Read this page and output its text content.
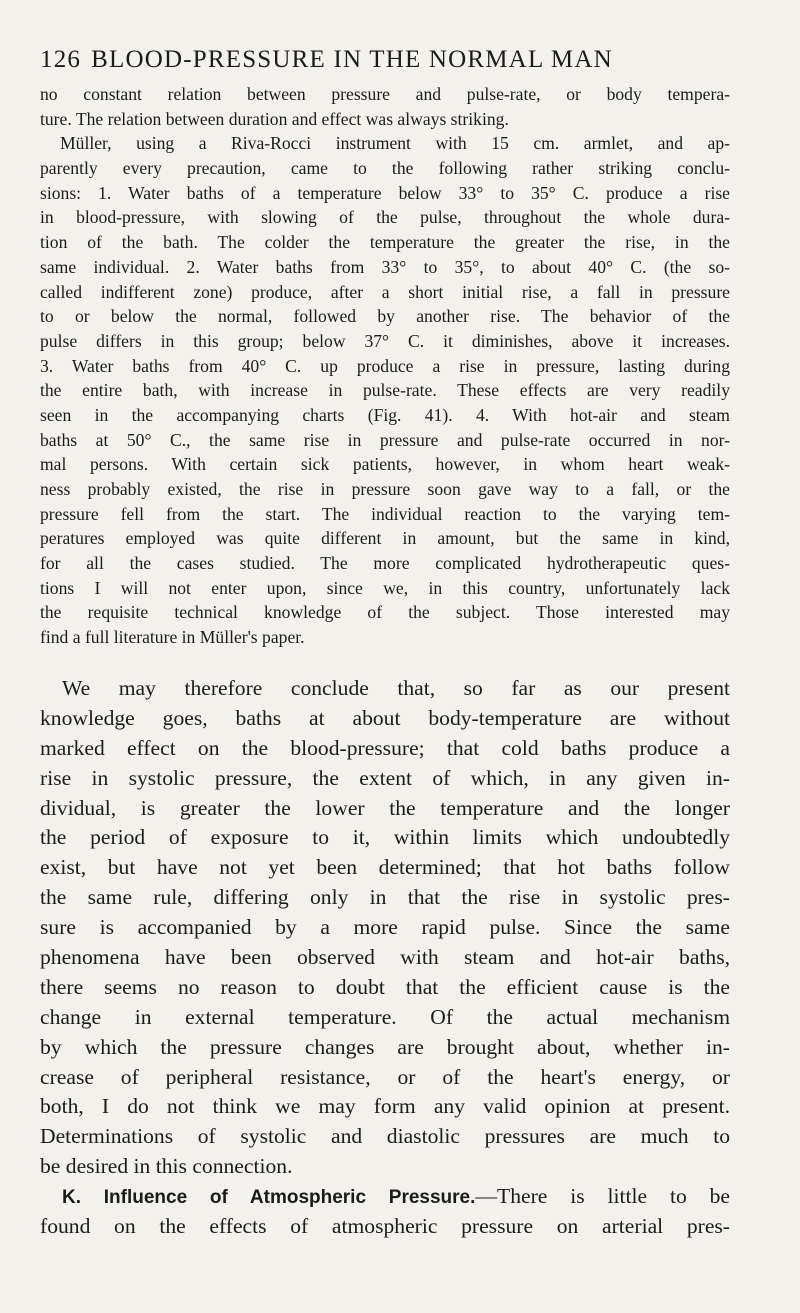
126 BLOOD-PRESSURE IN THE NORMAL MAN
no constant relation between pressure and pulse-rate, or body tempera-
ture. The relation between duration and effect was always striking.
Müller, using a Riva-Rocci instrument with 15 cm. armlet, and ap-
parently every precaution, came to the following rather striking conclu-
sions: 1. Water baths of a temperature below 33° to 35° C. produce a rise
in blood-pressure, with slowing of the pulse, throughout the whole dura-
tion of the bath. The colder the temperature the greater the rise, in the
same individual. 2. Water baths from 33° to 35°, to about 40° C. (the so-
called indifferent zone) produce, after a short initial rise, a fall in pressure
to or below the normal, followed by another rise. The behavior of the
pulse differs in this group; below 37° C. it diminishes, above it increases.
3. Water baths from 40° C. up produce a rise in pressure, lasting during
the entire bath, with increase in pulse-rate. These effects are very readily
seen in the accompanying charts (Fig. 41). 4. With hot-air and steam
baths at 50° C., the same rise in pressure and pulse-rate occurred in nor-
mal persons. With certain sick patients, however, in whom heart weak-
ness probably existed, the rise in pressure soon gave way to a fall, or the
pressure fell from the start. The individual reaction to the varying tem-
peratures employed was quite different in amount, but the same in kind,
for all the cases studied. The more complicated hydrotherapeutic ques-
tions I will not enter upon, since we, in this country, unfortunately lack
the requisite technical knowledge of the subject. Those interested may
find a full literature in Müller's paper.
We may therefore conclude that, so far as our present
knowledge goes, baths at about body-temperature are without
marked effect on the blood-pressure; that cold baths produce a
rise in systolic pressure, the extent of which, in any given in-
dividual, is greater the lower the temperature and the longer
the period of exposure to it, within limits which undoubtedly
exist, but have not yet been determined; that hot baths follow
the same rule, differing only in that the rise in systolic pres-
sure is accompanied by a more rapid pulse. Since the same
phenomena have been observed with steam and hot-air baths,
there seems no reason to doubt that the efficient cause is the
change in external temperature. Of the actual mechanism
by which the pressure changes are brought about, whether in-
crease of peripheral resistance, or of the heart's energy, or
both, I do not think we may form any valid opinion at present.
Determinations of systolic and diastolic pressures are much to
be desired in this connection.
K. Influence of Atmospheric Pressure.—There is little to be
found on the effects of atmospheric pressure on arterial pres-
